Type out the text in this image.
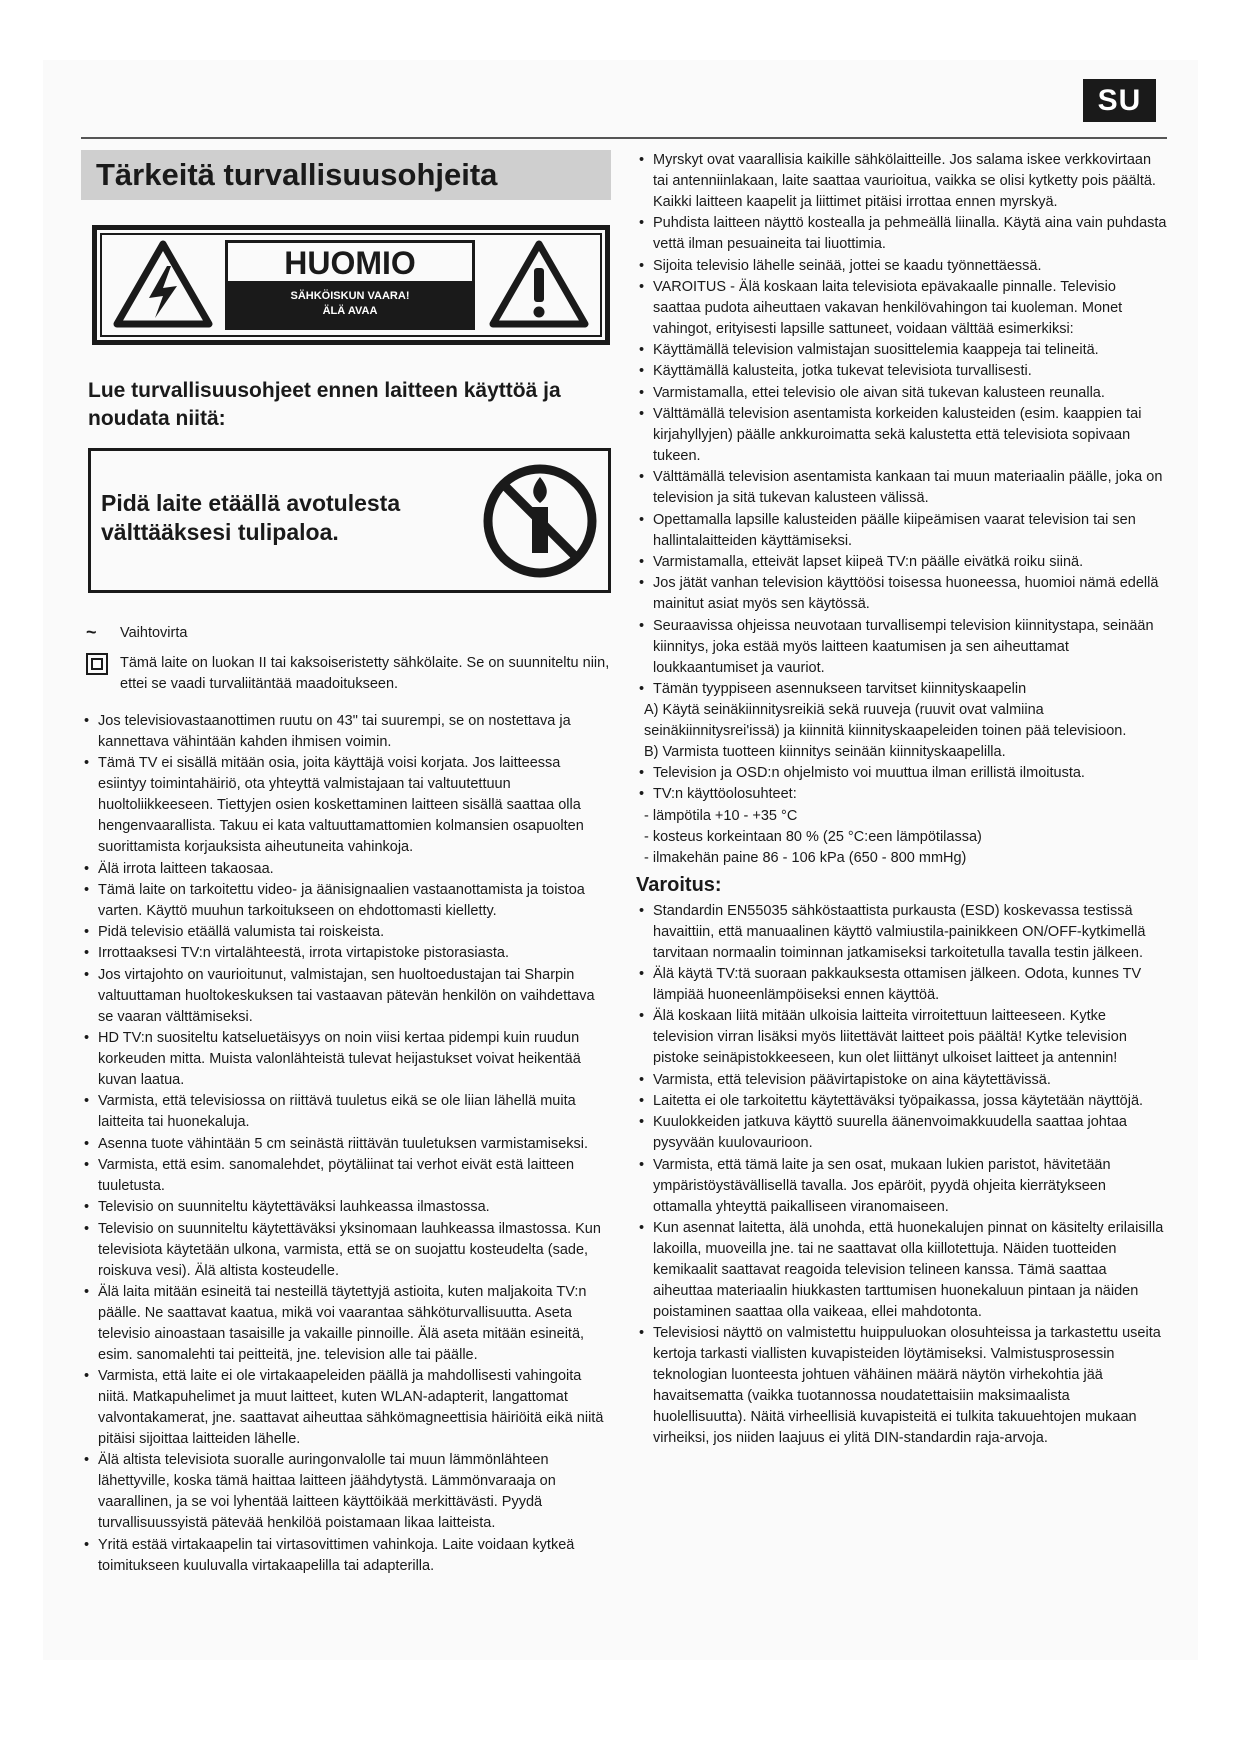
SU
Tärkeitä turvallisuusohjeita
HUOMIO
SÄHKÖISKUN VAARA!
ÄLÄ AVAA
Lue turvallisuusohjeet ennen laitteen käyttöä ja noudata niitä:
Pidä laite etäällä avotulesta välttääksesi tulipaloa.
~	Vaihtovirta
Tämä laite on luokan II tai kaksoiseristetty sähkölaite. Se on suunniteltu niin, ettei se vaadi turvaliitäntää maadoitukseen.
• Jos televisiovastaanottimen ruutu on 43" tai suurempi, se on nostettava ja kannettava vähintään kahden ihmisen voimin.
• Tämä TV ei sisällä mitään osia, joita käyttäjä voisi korjata. Jos laitteessa esiintyy toimintahäiriö, ota yhteyttä valmistajaan tai valtuutettuun huoltoliikkeeseen. Tiettyjen osien koskettaminen laitteen sisällä saattaa olla hengenvaarallista. Takuu ei kata valtuuttamattomien kolmansien osapuolten suorittamista korjauksista aiheutuneita vahinkoja.
• Älä irrota laitteen takaosaa.
• Tämä laite on tarkoitettu video- ja äänisignaalien vastaanottamista ja toistoa varten. Käyttö muuhun tarkoitukseen on ehdottomasti kielletty.
• Pidä televisio etäällä valumista tai roiskeista.
• Irrottaaksesi TV:n virtalähteestä, irrota virtapistoke pistorasiasta.
• Jos virtajohto on vaurioitunut, valmistajan, sen huoltoedustajan tai Sharpin valtuuttaman huoltokeskuksen tai vastaavan pätevän henkilön on vaihdettava se vaaran välttämiseksi.
• HD TV:n suositeltu katseluetäisyys on noin viisi kertaa pidempi kuin ruudun korkeuden mitta. Muista valonlähteistä tulevat heijastukset voivat heikentää kuvan laatua.
• Varmista, että televisiossa on riittävä tuuletus eikä se ole liian lähellä muita laitteita tai huonekaluja.
• Asenna tuote vähintään 5 cm seinästä riittävän tuuletuksen varmistamiseksi.
• Varmista, että esim. sanomalehdet, pöytäliinat tai verhot eivät estä laitteen tuuletusta.
• Televisio on suunniteltu käytettäväksi lauhkeassa ilmastossa.
• Televisio on suunniteltu käytettäväksi yksinomaan lauhkeassa ilmastossa. Kun televisiota käytetään ulkona, varmista, että se on suojattu kosteudelta (sade, roiskuva vesi). Älä altista kosteudelle.
• Älä laita mitään esineitä tai nesteillä täytettyjä astioita, kuten maljakoita TV:n päälle. Ne saattavat kaatua, mikä voi vaarantaa sähköturvallisuutta. Aseta televisio ainoastaan tasaisille ja vakaille pinnoille. Älä aseta mitään esineitä, esim. sanomalehti tai peitteitä, jne. television alle tai päälle.
• Varmista, että laite ei ole virtakaapeleiden päällä ja mahdollisesti vahingoita niitä. Matkapuhelimet ja muut laitteet, kuten WLAN-adapterit, langattomat valvontakamerat, jne. saattavat aiheuttaa sähkömagneettisia häiriöitä eikä niitä pitäisi sijoittaa laitteiden lähelle.
• Älä altista televisiota suoralle auringonvalolle tai muun lämmönlähteen lähettyville, koska tämä haittaa laitteen jäähdytystä. Lämmönvaraaja on vaarallinen, ja se voi lyhentää laitteen käyttöikää merkittävästi. Pyydä turvallisuussyistä pätevää henkilöä poistamaan likaa laitteista.
• Yritä estää virtakaapelin tai virtasovittimen vahinkoja. Laite voidaan kytkeä toimitukseen kuuluvalla virtakaapelilla tai adapterilla.
• Myrskyt ovat vaarallisia kaikille sähkölaitteille. Jos salama iskee verkkovirtaan tai antenniinlakaan, laite saattaa vaurioitua, vaikka se olisi kytketty pois päältä. Kaikki laitteen kaapelit ja liittimet pitäisi irrottaa ennen myrskyä.
• Puhdista laitteen näyttö kostealla ja pehmeällä liinalla. Käytä aina vain puhdasta vettä ilman pesuaineita tai liuottimia.
• Sijoita televisio lähelle seinää, jottei se kaadu työnnettäessä.
• VAROITUS - Älä koskaan laita televisiota epävakaalle pinnalle. Televisio saattaa pudota aiheuttaen vakavan henkilövahingon tai kuoleman. Monet vahingot, erityisesti lapsille sattuneet, voidaan välttää esimerkiksi:
• Käyttämällä television valmistajan suosittelemia kaappeja tai telineitä.
• Käyttämällä kalusteita, jotka tukevat televisiota turvallisesti.
• Varmistamalla, ettei televisio ole aivan sitä tukevan kalusteen reunalla.
• Välttämällä television asentamista korkeiden kalusteiden (esim. kaappien tai kirjahyllyjen) päälle ankkuroimatta sekä kalustetta että televisiota sopivaan tukeen.
• Välttämällä television asentamista kankaan tai muun materiaalin päälle, joka on television ja sitä tukevan kalusteen välissä.
• Opettamalla lapsille kalusteiden päälle kiipeämisen vaarat television tai sen hallintalaitteiden käyttämiseksi.
• Varmistamalla, etteivät lapset kiipeä TV:n päälle eivätkä roiku siinä.
• Jos jätät vanhan television käyttöösi toisessa huoneessa, huomioi nämä edellä mainitut asiat myös sen käytössä.
• Seuraavissa ohjeissa neuvotaan turvallisempi television kiinnitystapa, seinään kiinnitys, joka estää myös laitteen kaatumisen ja sen aiheuttamat loukkaantumiset ja vauriot.
• Tämän tyyppiseen asennukseen tarvitset kiinnityskaapelin
A) Käytä seinäkiinnitysreikiä sekä ruuveja (ruuvit ovat valmiina seinäkiinnitysrei'issä) ja kiinnitä kiinnityskaapeleiden toinen pää televisioon.
B) Varmista tuotteen kiinnitys seinään kiinnityskaapelilla.
• Television ja OSD:n ohjelmisto voi muuttua ilman erillistä ilmoitusta.
• TV:n käyttöolosuhteet:
- lämpötila +10 - +35 °C
- kosteus korkeintaan 80 % (25 °C:een lämpötilassa)
- ilmakehän paine 86 - 106 kPa (650 - 800 mmHg)
Varoitus:
• Standardin EN55035 sähköstaattista purkausta (ESD) koskevassa testissä havaittiin, että manuaalinen käyttö valmiustila-painikkeen ON/OFF-kytkimellä tarvitaan normaalin toiminnan jatkamiseksi tarkoitetulla tavalla testin jälkeen.
• Älä käytä TV:tä suoraan pakkauksesta ottamisen jälkeen. Odota, kunnes TV lämpiää huoneenlämpöiseksi ennen käyttöä.
• Älä koskaan liitä mitään ulkoisia laitteita virroitettuun laitteeseen. Kytke television virran lisäksi myös liitettävät laitteet pois päältä! Kytke television pistoke seinäpistokkeeseen, kun olet liittänyt ulkoiset laitteet ja antennin!
• Varmista, että television päävirtapistoke on aina käytettävissä.
• Laitetta ei ole tarkoitettu käytettäväksi työpaikassa, jossa käytetään näyttöjä.
• Kuulokkeiden jatkuva käyttö suurella äänenvoimakkuudella saattaa johtaa pysyvään kuulovaurioon.
• Varmista, että tämä laite ja sen osat, mukaan lukien paristot, hävitetään ympäristöystävällisellä tavalla. Jos epäröit, pyydä ohjeita kierrätykseen ottamalla yhteyttä paikalliseen viranomaiseen.
• Kun asennat laitetta, älä unohda, että huonekalujen pinnat on käsitelty erilaisilla lakoilla, muoveilla jne. tai ne saattavat olla kiillotettuja. Näiden tuotteiden kemikaalit saattavat reagoida television telineen kanssa. Tämä saattaa aiheuttaa materiaalin hiukkasten tarttumisen huonekaluun pintaan ja näiden poistaminen saattaa olla vaikeaa, ellei mahdotonta.
• Televisiosi näyttö on valmistettu huippuluokan olosuhteissa ja tarkastettu useita kertoja tarkasti viallisten kuvapisteiden löytämiseksi. Valmistusprosessin teknologian luonteesta johtuen vähäinen määrä näytön virhekohtia jää havaitsematta (vaikka tuotannossa noudatettaisiin maksimaalista huolellisuutta). Näitä virheellisiä kuvapisteitä ei tulkita takuuehtojen mukaan virheiksi, jos niiden laajuus ei ylitä DIN-standardin raja-arvoja.
